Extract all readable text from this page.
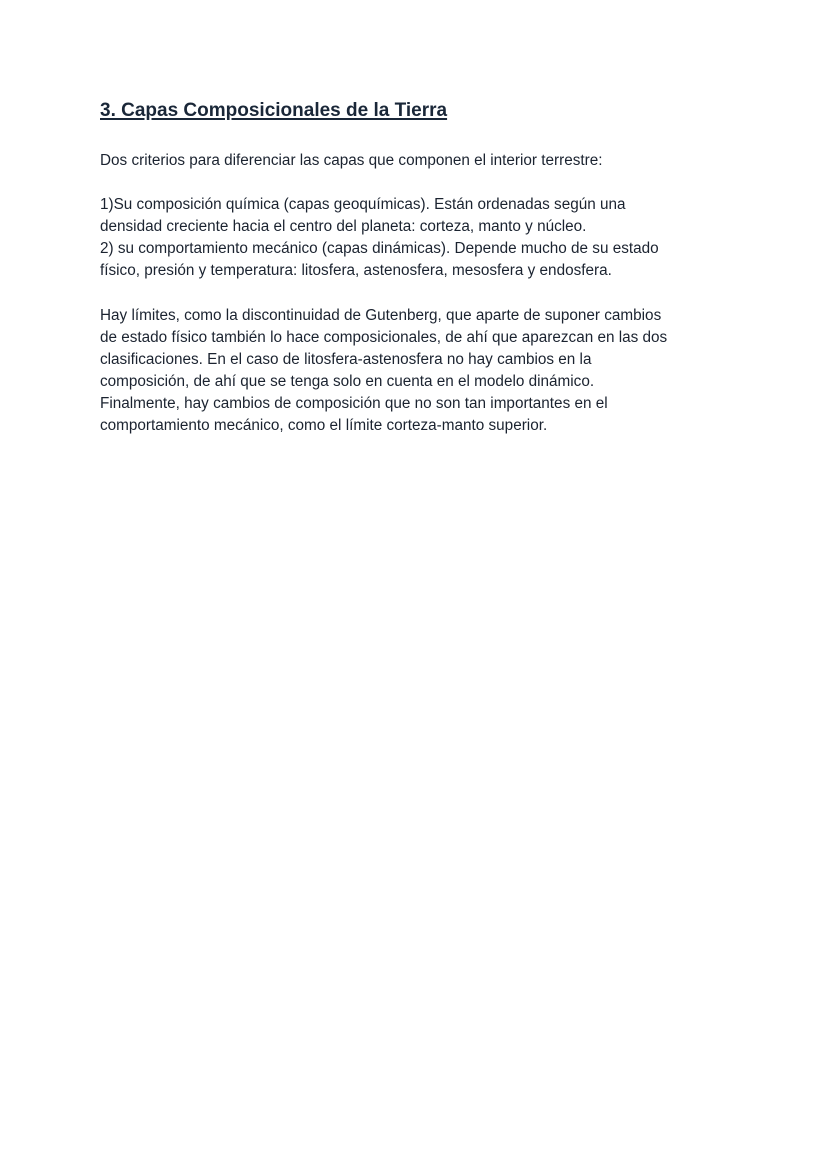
3. Capas Composicionales de la Tierra

Dos criterios para diferenciar las capas que componen el interior terrestre:

1)Su composición química (capas geoquímicas). Están ordenadas según una
densidad creciente hacia el centro del planeta: corteza, manto y núcleo.
2) su comportamiento mecánico (capas dinámicas). Depende mucho de su estado
físico, presión y temperatura: litosfera, astenosfera, mesosfera y endosfera.

Hay límites, como la discontinuidad de Gutenberg, que aparte de suponer cambios
de estado físico también lo hace composicionales, de ahí que aparezcan en las dos
clasificaciones. En el caso de litosfera-astenosfera no hay cambios en la
composición, de ahí que se tenga solo en cuenta en el modelo dinámico.
Finalmente, hay cambios de composición que no son tan importantes en el
comportamiento mecánico, como el límite corteza-manto superior.
